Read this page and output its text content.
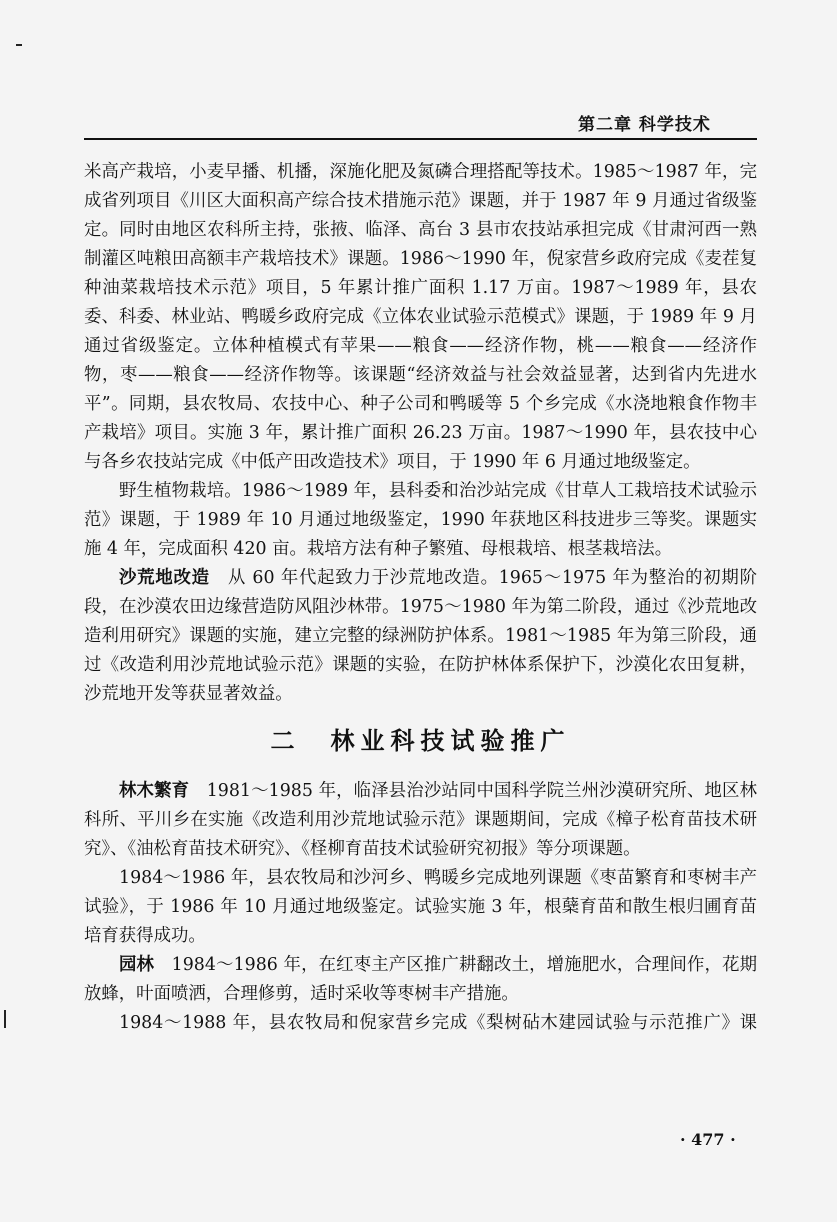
第二章 科学技术

米高产栽培，小麦早播、机播，深施化肥及氮磷合理搭配等技术。1985～1987 年，完成省列项目《川区大面积高产综合技术措施示范》课题，并于 1987 年 9 月通过省级鉴定。同时由地区农科所主持，张掖、临泽、高台 3 县市农技站承担完成《甘肃河西一熟制灌区吨粮田高额丰产栽培技术》课题。1986～1990 年，倪家营乡政府完成《麦茬复种油菜栽培技术示范》项目，5 年累计推广面积 1.17 万亩。1987～1989 年，县农委、科委、林业站、鸭暖乡政府完成《立体农业试验示范模式》课题，于 1989 年 9 月通过省级鉴定。立体种植模式有苹果——粮食——经济作物，桃——粮食——经济作物，枣——粮食——经济作物等。该课题“经济效益与社会效益显著，达到省内先进水平”。同期，县农牧局、农技中心、种子公司和鸭暖等 5 个乡完成《水浇地粮食作物丰产栽培》项目。实施 3 年，累计推广面积 26.23 万亩。1987～1990 年，县农技中心与各乡农技站完成《中低产田改造技术》项目，于 1990 年 6 月通过地级鉴定。

野生植物栽培。1986～1989 年，县科委和治沙站完成《甘草人工栽培技术试验示范》课题，于 1989 年 10 月通过地级鉴定，1990 年获地区科技进步三等奖。课题实施 4 年，完成面积 420 亩。栽培方法有种子繁殖、母根栽培、根茎栽培法。

沙荒地改造　从 60 年代起致力于沙荒地改造。1965～1975 年为整治的初期阶段，在沙漠农田边缘营造防风阻沙林带。1975～1980 年为第二阶段，通过《沙荒地改造利用研究》课题的实施，建立完整的绿洲防护体系。1981～1985 年为第三阶段，通过《改造利用沙荒地试验示范》课题的实验，在防护林体系保护下，沙漠化农田复耕，沙荒地开发等获显著效益。

二　林业科技试验推广

林木繁育　1981～1985 年，临泽县治沙站同中国科学院兰州沙漠研究所、地区林科所、平川乡在实施《改造利用沙荒地试验示范》课题期间，完成《樟子松育苗技术研究》、《油松育苗技术研究》、《柽柳育苗技术试验研究初报》等分项课题。

1984～1986 年，县农牧局和沙河乡、鸭暖乡完成地列课题《枣苗繁育和枣树丰产试验》，于 1986 年 10 月通过地级鉴定。试验实施 3 年，根蘖育苗和散生根归圃育苗培育获得成功。

园林　1984～1986 年，在红枣主产区推广耕翻改土，增施肥水，合理间作，花期放蜂，叶面喷洒，合理修剪，适时采收等枣树丰产措施。

1984～1988 年，县农牧局和倪家营乡完成《梨树砧木建园试验与示范推广》课

· 477 ·
